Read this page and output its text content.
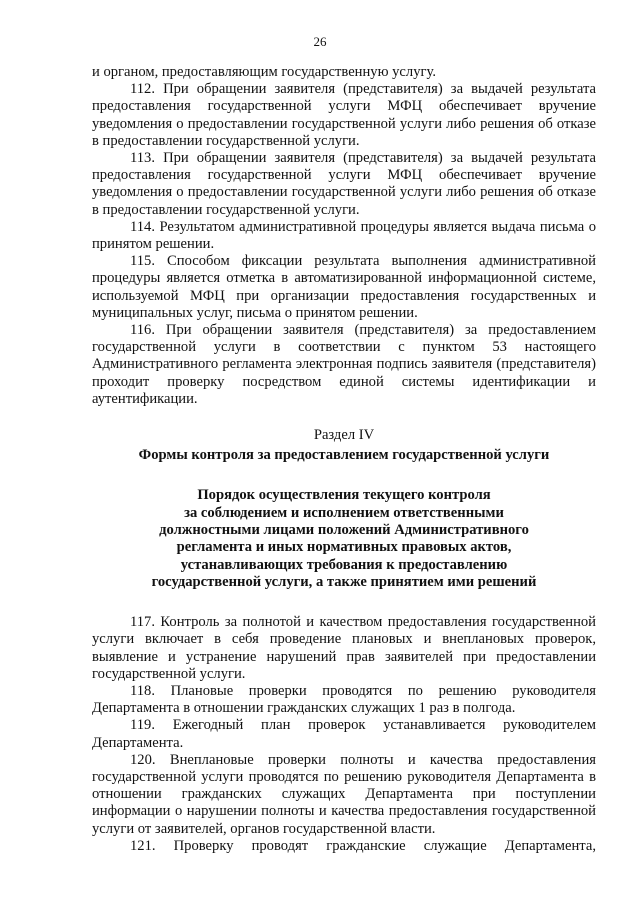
26

и органом, предоставляющим государственную услугу.

112. При обращении заявителя (представителя) за выдачей результата предоставления государственной услуги МФЦ обеспечивает вручение уведомления о предоставлении государственной услуги либо решения об отказе в предоставлении государственной услуги.

113. При обращении заявителя (представителя) за выдачей результата предоставления государственной услуги МФЦ обеспечивает вручение уведомления о предоставлении государственной услуги либо решения об отказе в предоставлении государственной услуги.

114. Результатом административной процедуры является выдача письма о принятом решении.

115. Способом фиксации результата выполнения административной процедуры является отметка в автоматизированной информационной системе, используемой МФЦ при организации предоставления государственных и муниципальных услуг, письма о принятом решении.

116. При обращении заявителя (представителя) за предоставлением государственной услуги в соответствии с пунктом 53 настоящего Административного регламента электронная подпись заявителя (представителя) проходит проверку посредством единой системы идентификации и аутентификации.

Раздел IV

Формы контроля за предоставлением государственной услуги

Порядок осуществления текущего контроля
за соблюдением и исполнением ответственными
должностными лицами положений Административного
регламента и иных нормативных правовых актов,
устанавливающих требования к предоставлению
государственной услуги, а также принятием ими решений

117. Контроль за полнотой и качеством предоставления государственной услуги включает в себя проведение плановых и внеплановых проверок, выявление и устранение нарушений прав заявителей при предоставлении государственной услуги.

118. Плановые проверки проводятся по решению руководителя Департамента в отношении гражданских служащих 1 раз в полгода.

119. Ежегодный план проверок устанавливается руководителем Департамента.

120. Внеплановые проверки полноты и качества предоставления государственной услуги проводятся по решению руководителя Департамента в отношении гражданских служащих Департамента при поступлении информации о нарушении полноты и качества предоставления государственной услуги от заявителей, органов государственной власти.

121. Проверку проводят гражданские служащие Департамента,
